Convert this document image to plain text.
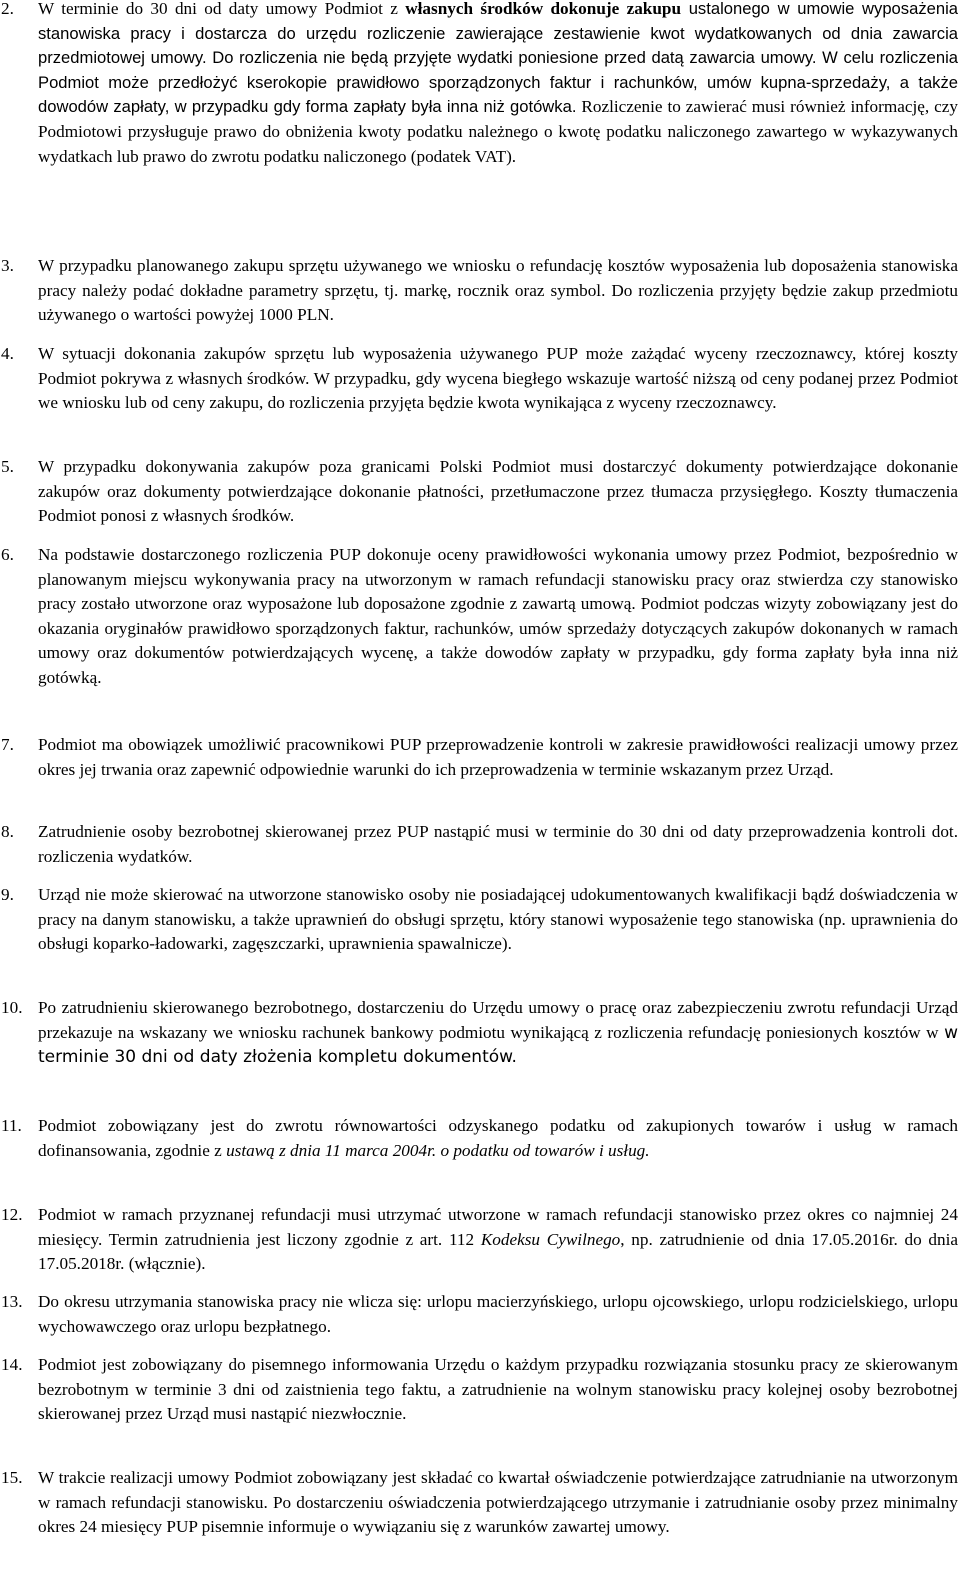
2. W terminie do 30 dni od daty umowy Podmiot z własnych środków dokonuje zakupu ustalonego w umowie wyposażenia stanowiska pracy i dostarcza do urzędu rozliczenie zawierające zestawienie kwot wydatkowanych od dnia zawarcia przedmiotowej umowy. Do rozliczenia nie będą przyjęte wydatki poniesione przed datą zawarcia umowy. W celu rozliczenia Podmiot może przedłożyć kserokopie prawidłowo sporządzonych faktur i rachunków, umów kupna-sprzedaży, a także dowodów zapłaty, w przypadku gdy forma zapłaty była inna niż gotówka. Rozliczenie to zawierać musi również informację, czy Podmiotowi przysługuje prawo do obniżenia kwoty podatku należnego o kwotę podatku naliczonego zawartego w wykazywanych wydatkach lub prawo do zwrotu podatku naliczonego (podatek VAT).
3. W przypadku planowanego zakupu sprzętu używanego we wniosku o refundację kosztów wyposażenia lub doposażenia stanowiska pracy należy podać dokładne parametry sprzętu, tj. markę, rocznik oraz symbol. Do rozliczenia przyjęty będzie zakup przedmiotu używanego o wartości powyżej 1000 PLN.
4. W sytuacji dokonania zakupów sprzętu lub wyposażenia używanego PUP może zażądać wyceny rzeczoznawcy, której koszty Podmiot pokrywa z własnych środków. W przypadku, gdy wycena biegłego wskazuje wartość niższą od ceny podanej przez Podmiot we wniosku lub od ceny zakupu, do rozliczenia przyjęta będzie kwota wynikająca z wyceny rzeczoznawcy.
5. W przypadku dokonywania zakupów poza granicami Polski Podmiot musi dostarczyć dokumenty potwierdzające dokonanie zakupów oraz dokumenty potwierdzające dokonanie płatności, przetłumaczone przez tłumacza przysięgłego. Koszty tłumaczenia Podmiot ponosi z własnych środków.
6. Na podstawie dostarczonego rozliczenia PUP dokonuje oceny prawidłowości wykonania umowy przez Podmiot, bezpośrednio w planowanym miejscu wykonywania pracy na utworzonym w ramach refundacji stanowisku pracy oraz stwierdza czy stanowisko pracy zostało utworzone oraz wyposażone lub doposażone zgodnie z zawartą umową. Podmiot podczas wizyty zobowiązany jest do okazania oryginałów prawidłowo sporządzonych faktur, rachunków, umów sprzedaży dotyczących zakupów dokonanych w ramach umowy oraz dokumentów potwierdzających wycenę, a także dowodów zapłaty w przypadku, gdy forma zapłaty była inna niż gotówką.
7. Podmiot ma obowiązek umożliwić pracownikowi PUP przeprowadzenie kontroli w zakresie prawidłowości realizacji umowy przez okres jej trwania oraz zapewnić odpowiednie warunki do ich przeprowadzenia w terminie wskazanym przez Urząd.
8. Zatrudnienie osoby bezrobotnej skierowanej przez PUP nastąpić musi w terminie do 30 dni od daty przeprowadzenia kontroli dot. rozliczenia wydatków.
9. Urząd nie może skierować na utworzone stanowisko osoby nie posiadającej udokumentowanych kwalifikacji bądź doświadczenia w pracy na danym stanowisku, a także uprawnień do obsługi sprzętu, który stanowi wyposażenie tego stanowiska (np. uprawnienia do obsługi koparko-ładowarki, zagęszczarki, uprawnienia spawalnicze).
10. Po zatrudnieniu skierowanego bezrobotnego, dostarczeniu do Urzędu umowy o pracę oraz zabezpieczeniu zwrotu refundacji Urząd przekazuje na wskazany we wniosku rachunek bankowy podmiotu wynikającą z rozliczenia refundację poniesionych kosztów w w terminie 30 dni od daty złożenia kompletu dokumentów.
11. Podmiot zobowiązany jest do zwrotu równowartości odzyskanego podatku od zakupionych towarów i usług w ramach dofinansowania, zgodnie z ustawą z dnia 11 marca 2004r. o podatku od towarów i usług.
12. Podmiot w ramach przyznanej refundacji musi utrzymać utworzone w ramach refundacji stanowisko przez okres co najmniej 24 miesięcy. Termin zatrudnienia jest liczony zgodnie z art. 112 Kodeksu Cywilnego, np. zatrudnienie od dnia 17.05.2016r. do dnia 17.05.2018r. (włącznie).
13. Do okresu utrzymania stanowiska pracy nie wlicza się: urlopu macierzyńskiego, urlopu ojcowskiego, urlopu rodzicielskiego, urlopu wychowawczego oraz urlopu bezpłatnego.
14. Podmiot jest zobowiązany do pisemnego informowania Urzędu o każdym przypadku rozwiązania stosunku pracy ze skierowanym bezrobotnym w terminie 3 dni od zaistnienia tego faktu, a zatrudnienie na wolnym stanowisku pracy kolejnej osoby bezrobotnej skierowanej przez Urząd musi nastąpić niezwłocznie.
15. W trakcie realizacji umowy Podmiot zobowiązany jest składać co kwartał oświadczenie potwierdzające zatrudnianie na utworzonym w ramach refundacji stanowisku. Po dostarczeniu oświadczenia potwierdzającego utrzymanie i zatrudnianie osoby przez minimalny okres 24 miesięcy PUP pisemnie informuje o wywiązaniu się z warunków zawartej umowy.
